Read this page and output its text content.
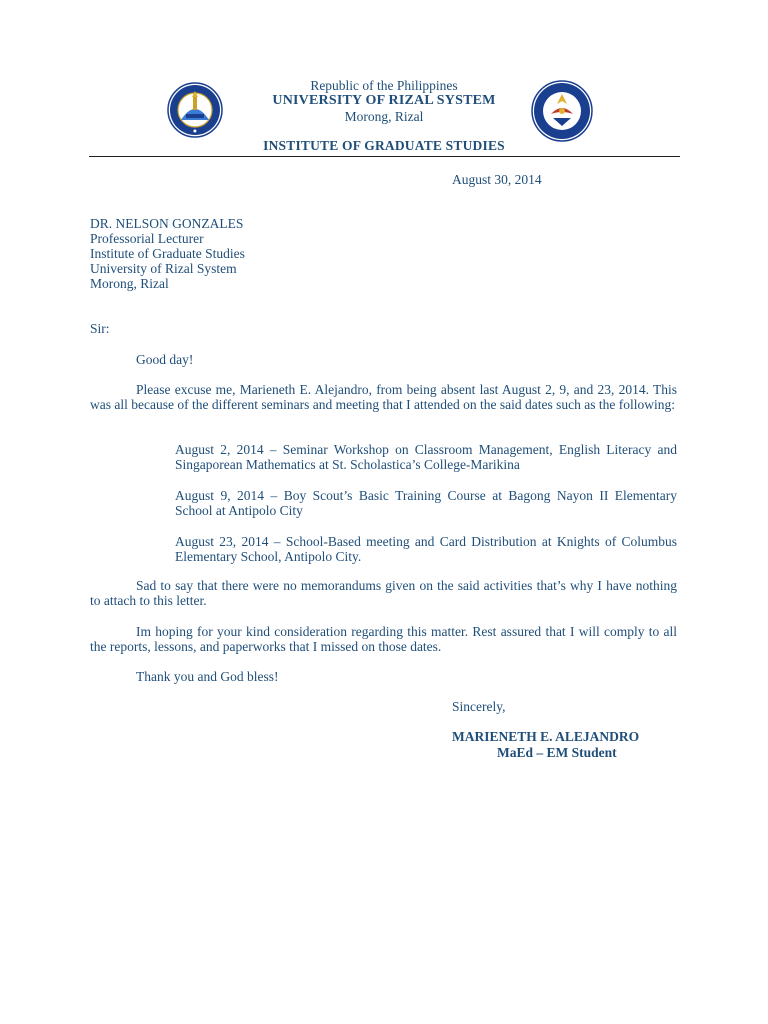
●

Republic of the Philippines

UNIVERSITY OF RIZAL SYSTEM

Morong, Rizal

INSTITUTE OF GRADUATE STUDIES

August 30, 2014

DR. NELSON GONZALES
Professorial Lecturer
Institute of Graduate Studies
University of Rizal System
Morong, Rizal

Sir:

Good day!

Please excuse me, Marieneth E. Alejandro, from being absent last August 2, 9, and 23, 2014. This was all because of the different seminars and meeting that I attended on the said dates such as the following:

August 2, 2014 – Seminar Workshop on Classroom Management, English Literacy and Singaporean Mathematics at St. Scholastica’s College-Marikina

August 9, 2014 – Boy Scout’s Basic Training Course at Bagong Nayon II Elementary School at Antipolo City

August 23, 2014 – School-Based meeting and Card Distribution at Knights of Columbus Elementary School, Antipolo City.

Sad to say that there were no memorandums given on the said activities that’s why I have nothing to attach to this letter.

Im hoping for your kind consideration regarding this matter. Rest assured that I will comply to all the reports, lessons, and paperworks that I missed on those dates.

Thank you and God bless!

Sincerely,

MARIENETH E. ALEJANDRO

MaEd – EM Student
